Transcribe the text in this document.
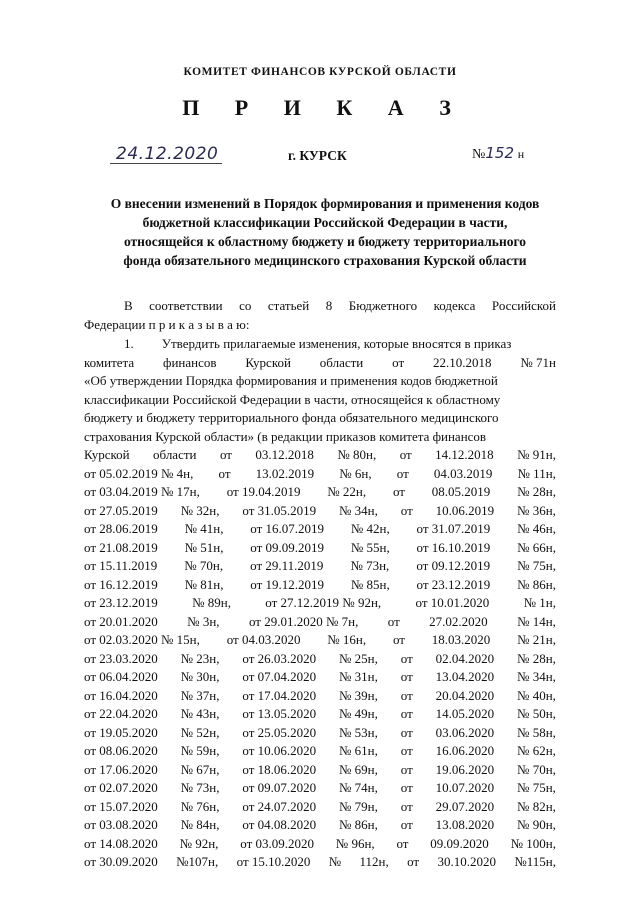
КОМИТЕТ ФИНАНСОВ КУРСКОЙ ОБЛАСТИ
П Р И К А З
24.12.2020	г. КУРСК	№152 н
О внесении изменений в Порядок формирования и применения кодов
бюджетной классификации Российской Федерации в части,
относящейся к областному бюджету и бюджету территориального
фонда обязательного медицинского страхования Курской области
В соответствии со статьей 8 Бюджетного кодекса Российской
Федерации п р и к а з ы в а ю:
1. Утвердить прилагаемые изменения, которые вносятся в приказ
комитета финансов Курской области от 22.10.2018 № 71н
«Об утверждении Порядка формирования и применения кодов бюджетной
классификации Российской Федерации в части, относящейся к областному
бюджету и бюджету территориального фонда обязательного медицинского
страхования Курской области» (в редакции приказов комитета финансов
Курской области от 03.12.2018 № 80н, от 14.12.2018 № 91н,
от 05.02.2019 № 4н, от 13.02.2019 № 6н, от 04.03.2019 № 11н,
от 03.04.2019 № 17н, от 19.04.2019 № 22н, от 08.05.2019 № 28н,
от 27.05.2019 № 32н, от 31.05.2019 № 34н, от 10.06.2019 № 36н,
от 28.06.2019 № 41н, от 16.07.2019 № 42н, от 31.07.2019 № 46н,
от 21.08.2019 № 51н, от 09.09.2019 № 55н, от 16.10.2019 № 66н,
от 15.11.2019 № 70н, от 29.11.2019 № 73н, от 09.12.2019 № 75н,
от 16.12.2019 № 81н, от 19.12.2019 № 85н, от 23.12.2019 № 86н,
от 23.12.2019	№ 89н,	от 27.12.2019 № 92н,	от 10.01.2020	№ 1н,
от 20.01.2020 № 3н, от 29.01.2020 № 7н, от 27.02.2020 № 14н,
от 02.03.2020 № 15н, от 04.03.2020 № 16н, от 18.03.2020 № 21н,
от 23.03.2020 № 23н, от 26.03.2020 № 25н, от 02.04.2020 № 28н,
от 06.04.2020 № 30н, от 07.04.2020 № 31н, от 13.04.2020 № 34н,
от 16.04.2020 № 37н, от 17.04.2020 № 39н, от 20.04.2020 № 40н,
от 22.04.2020 № 43н, от 13.05.2020 № 49н, от 14.05.2020 № 50н,
от 19.05.2020 № 52н, от 25.05.2020 № 53н, от 03.06.2020 № 58н,
от 08.06.2020 № 59н, от 10.06.2020 № 61н, от 16.06.2020 № 62н,
от 17.06.2020 № 67н, от 18.06.2020 № 69н, от 19.06.2020 № 70н,
от 02.07.2020 № 73н, от 09.07.2020 № 74н, от 10.07.2020 № 75н,
от 15.07.2020 № 76н, от 24.07.2020 № 79н, от 29.07.2020 № 82н,
от 03.08.2020 № 84н, от 04.08.2020 № 86н, от 13.08.2020 № 90н,
от 14.08.2020 № 92н, от 03.09.2020 № 96н, от 09.09.2020 № 100н,
от 30.09.2020 №107н, от 15.10.2020 № 112н, от 30.10.2020 №115н,
